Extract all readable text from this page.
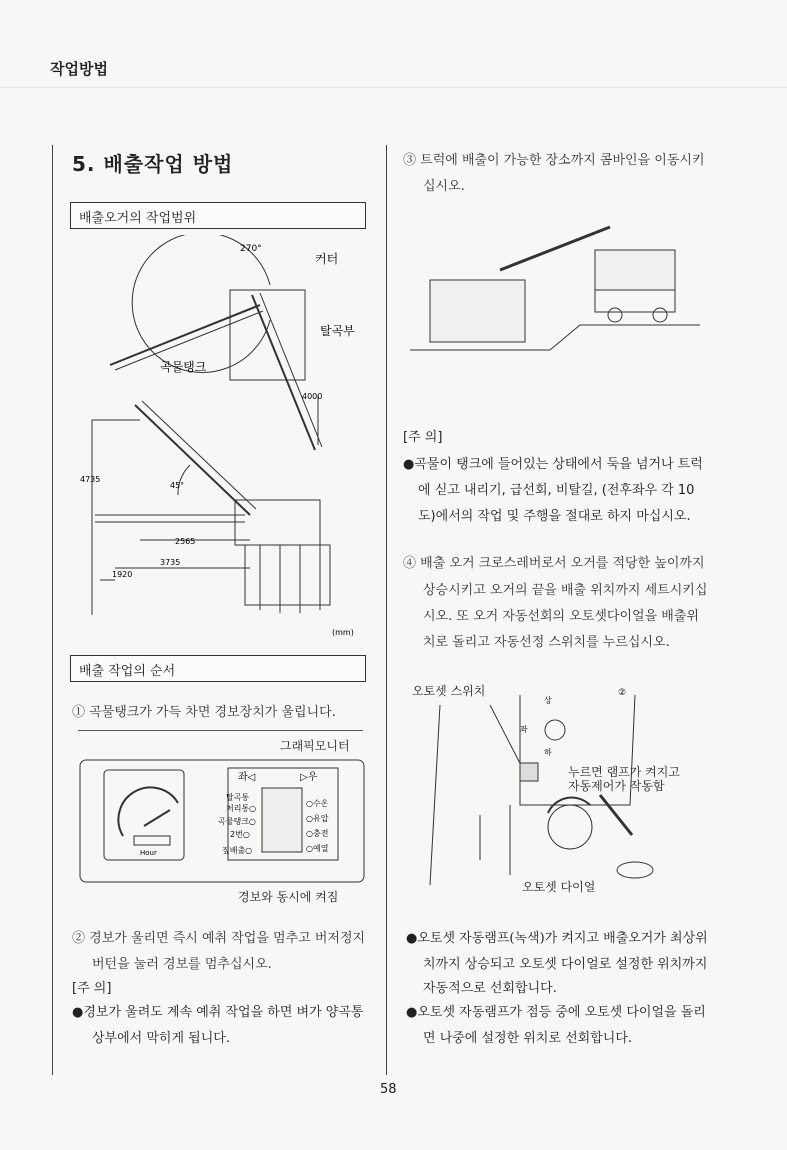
작업방법
5. 배출작업 방법
배출오거의 작업범위
270°
커터
탈곡부
곡물탱크
4000
4735
45°
2565
3735
1920
(mm)
배출 작업의 순서
① 곡물탱크가 가득 차면 경보장치가 울립니다.
그래픽모니터
Hour
좌◁	▷우
탈곡통
처리통○
곡물탱크○
2번○
짚배출○
○수온
○유압
○충전
○예열
경보와 동시에 켜짐
② 경보가 울리면 즉시 예취 작업을 멈추고 버저정지
버턴을 눌러 경보를 멈추십시오.
[주 의]
●경보가 울려도 계속 예취 작업을 하면 벼가 양곡통
상부에서 막히게 됩니다.
③ 트럭에 배출이 가능한 장소까지 콤바인을 이동시키
십시오.
[주 의]
●곡물이 탱크에 들어있는 상태에서 둑을 넘거나 트럭
에 싣고 내리기, 급선회, 비탈길, (전후좌우 각 10
도)에서의 작업 및 주행을 절대로 하지 마십시오.
④ 배출 오거 크로스레버로서 오거를 적당한 높이까지
상승시키고 오거의 끝을 배출 위치까지 세트시키십
시오. 또 오거 자동선회의 오토셋다이얼을 배출위
치로 돌리고 자동선정 스위치를 누르십시오.
오토셋 스위치
상
좌
하
②
누르면 램프가 켜지고
자동제어가 작동함
오토셋 다이얼
●오토셋 자동램프(녹색)가 켜지고 배출오거가 최상위
치까지 상승되고 오토셋 다이얼로 설정한 위치까지
자동적으로 선회합니다.
●오토셋 자동램프가 점등 중에 오토셋 다이얼을 돌리
면 나중에 설정한 위치로 선회합니다.
58
